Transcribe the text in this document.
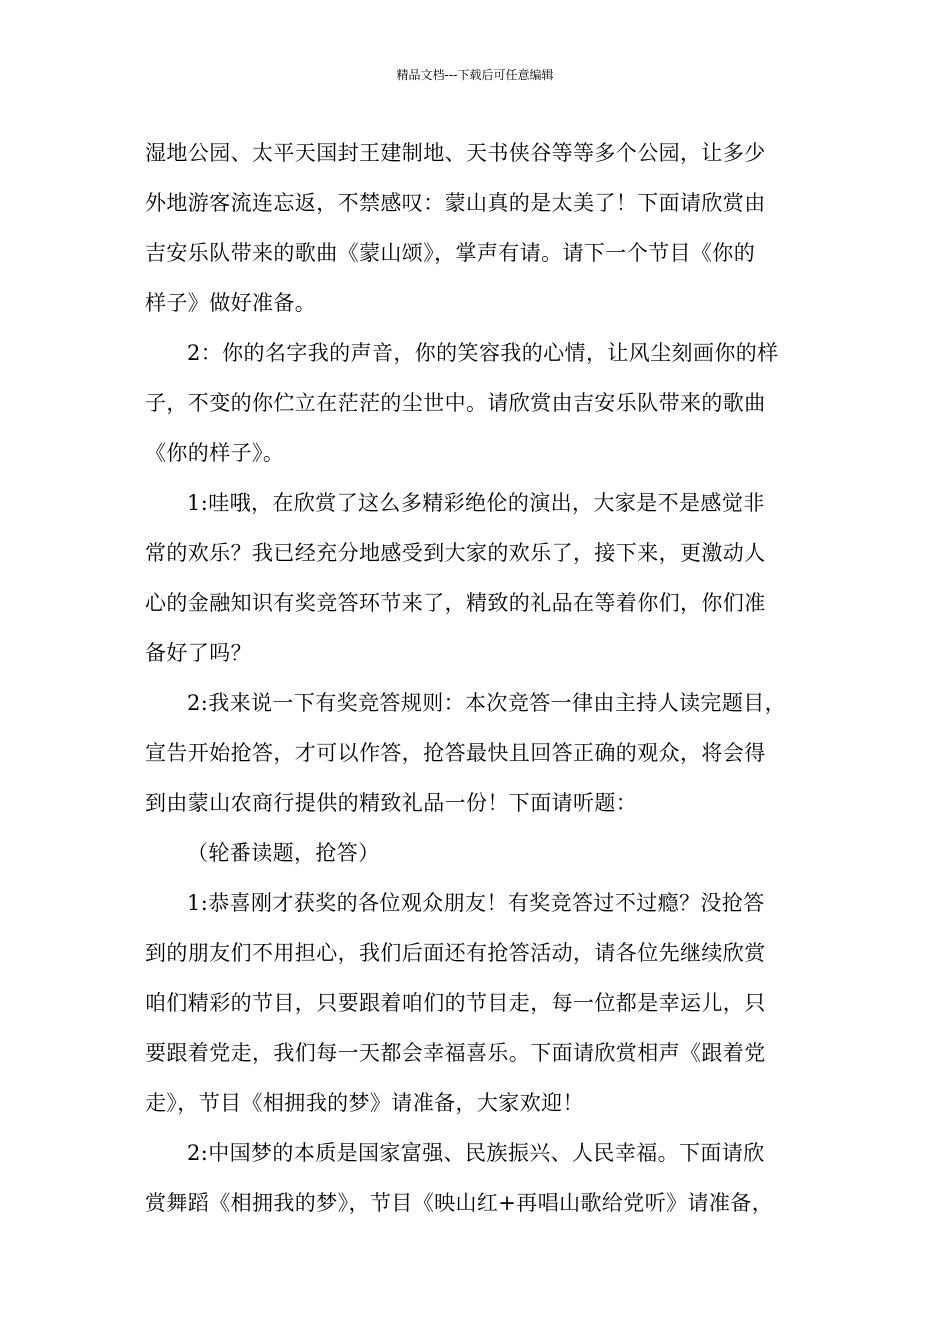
精品文档---下载后可任意编辑
湿地公园、太平天国封王建制地、天书侠谷等等多个公园，让多少
外地游客流连忘返，不禁感叹：蒙山真的是太美了！下面请欣赏由
吉安乐队带来的歌曲《蒙山颂》，掌声有请。请下一个节目《你的
样子》做好准备。
2：你的名字我的声音，你的笑容我的心情，让风尘刻画你的样
子，不变的你伫立在茫茫的尘世中。请欣赏由吉安乐队带来的歌曲
《你的样子》。
1:哇哦，在欣赏了这么多精彩绝伦的演出，大家是不是感觉非
常的欢乐？我已经充分地感受到大家的欢乐了，接下来，更激动人
心的金融知识有奖竞答环节来了，精致的礼品在等着你们，你们准
备好了吗？
2:我来说一下有奖竞答规则：本次竞答一律由主持人读完题目，
宣告开始抢答，才可以作答，抢答最快且回答正确的观众，将会得
到由蒙山农商行提供的精致礼品一份！下面请听题：
（轮番读题，抢答）
1:恭喜刚才获奖的各位观众朋友！有奖竞答过不过瘾？没抢答
到的朋友们不用担心，我们后面还有抢答活动，请各位先继续欣赏
咱们精彩的节目，只要跟着咱们的节目走，每一位都是幸运儿，只
要跟着党走，我们每一天都会幸福喜乐。下面请欣赏相声《跟着党
走》，节目《相拥我的梦》请准备，大家欢迎！
2:中国梦的本质是国家富强、民族振兴、人民幸福。下面请欣
赏舞蹈《相拥我的梦》，节目《映山红+再唱山歌给党听》请准备，
